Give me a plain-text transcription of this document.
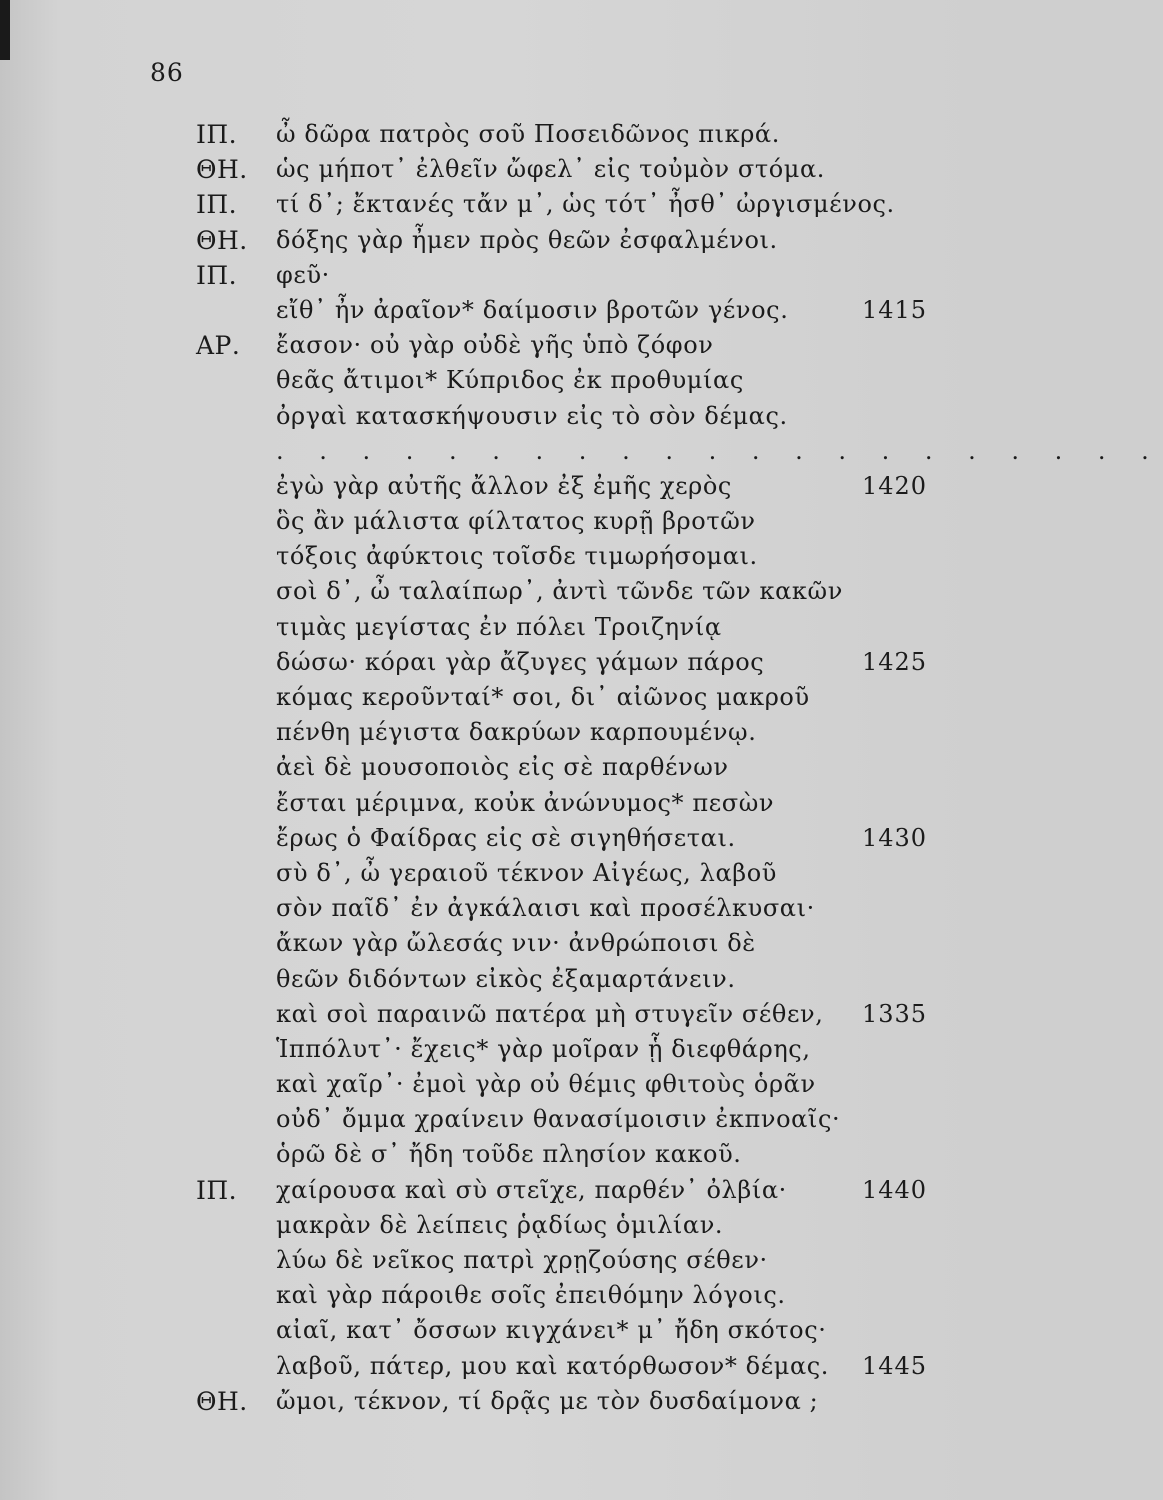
86
ΙΠ.	ὦ δῶρα πατρὸς σοῦ Ποσειδῶνος πικρά.
ΘΗ.	ὡς μήποτ᾽ ἐλθεῖν ὤφελ᾽ εἰς τοὐμὸν στόμα.
ΙΠ.	τί δ᾽; ἔκτανές τἄν μ᾽, ὡς τότ᾽ ἦσθ᾽ ὠργισμένος.
ΘΗ.	δόξης γὰρ ἦμεν πρὸς θεῶν ἐσφαλμένοι.
ΙΠ.	φεῦ·
εἴθ᾽ ἦν ἀραῖον* δαίμοσιν βροτῶν γένος.	1415
ΑΡ.	ἔασον· οὐ γὰρ οὐδὲ γῆς ὑπὸ ζόφον
θεᾶς ἄτιμοι* Κύπριδος ἐκ προθυμίας
ὀργαὶ κατασκήψουσιν εἰς τὸ σὸν δέμας.
. . . . . . . . . . . . . . . . . . . . .
ἐγὼ γὰρ αὐτῆς ἄλλον ἐξ ἐμῆς χερὸς	1420
ὃς ἂν μάλιστα φίλτατος κυρῇ βροτῶν
τόξοις ἀφύκτοις τοῖσδε τιμωρήσομαι.
σοὶ δ᾽, ὦ ταλαίπωρ᾽, ἀντὶ τῶνδε τῶν κακῶν
τιμὰς μεγίστας ἐν πόλει Τροιζηνίᾳ
δώσω· κόραι γὰρ ἄζυγες γάμων πάρος	1425
κόμας κεροῦνταί* σοι, δι᾽ αἰῶνος μακροῦ
πένθη μέγιστα δακρύων καρπουμένῳ.
ἀεὶ δὲ μουσοποιὸς εἰς σὲ παρθένων
ἔσται μέριμνα, κοὐκ ἀνώνυμος* πεσὼν
ἔρως ὁ Φαίδρας εἰς σὲ σιγηθήσεται.	1430
σὺ δ᾽, ὦ γεραιοῦ τέκνον Αἰγέως, λαβοῦ
σὸν παῖδ᾽ ἐν ἀγκάλαισι καὶ προσέλκυσαι·
ἄκων γὰρ ὤλεσάς νιν· ἀνθρώποισι δὲ
θεῶν διδόντων εἰκὸς ἐξαμαρτάνειν.
καὶ σοὶ παραινῶ πατέρα μὴ στυγεῖν σέθεν, 1335
Ἱππόλυτ᾽· ἔχεις* γὰρ μοῖραν ᾗ διεφθάρης,
καὶ χαῖρ᾽· ἐμοὶ γὰρ οὐ θέμις φθιτοὺς ὁρᾶν
οὐδ᾽ ὄμμα χραίνειν θανασίμοισιν ἐκπνοαῖς·
ὁρῶ δὲ σ᾽ ἤδη τοῦδε πλησίον κακοῦ.
ΙΠ.	χαίρουσα καὶ σὺ στεῖχε, παρθέν᾽ ὀλβία·	1440
μακρὰν δὲ λείπεις ῥᾳδίως ὁμιλίαν.
λύω δὲ νεῖκος πατρὶ χρῃζούσης σέθεν·
καὶ γὰρ πάροιθε σοῖς ἐπειθόμην λόγοις.
αἰαῖ, κατ᾽ ὄσσων κιγχάνει* μ᾽ ἤδη σκότος·
λαβοῦ, πάτερ, μου καὶ κατόρθωσον* δέμας. 1445
ΘΗ.	ὤμοι, τέκνον, τί δρᾷς με τὸν δυσδαίμονα ;
